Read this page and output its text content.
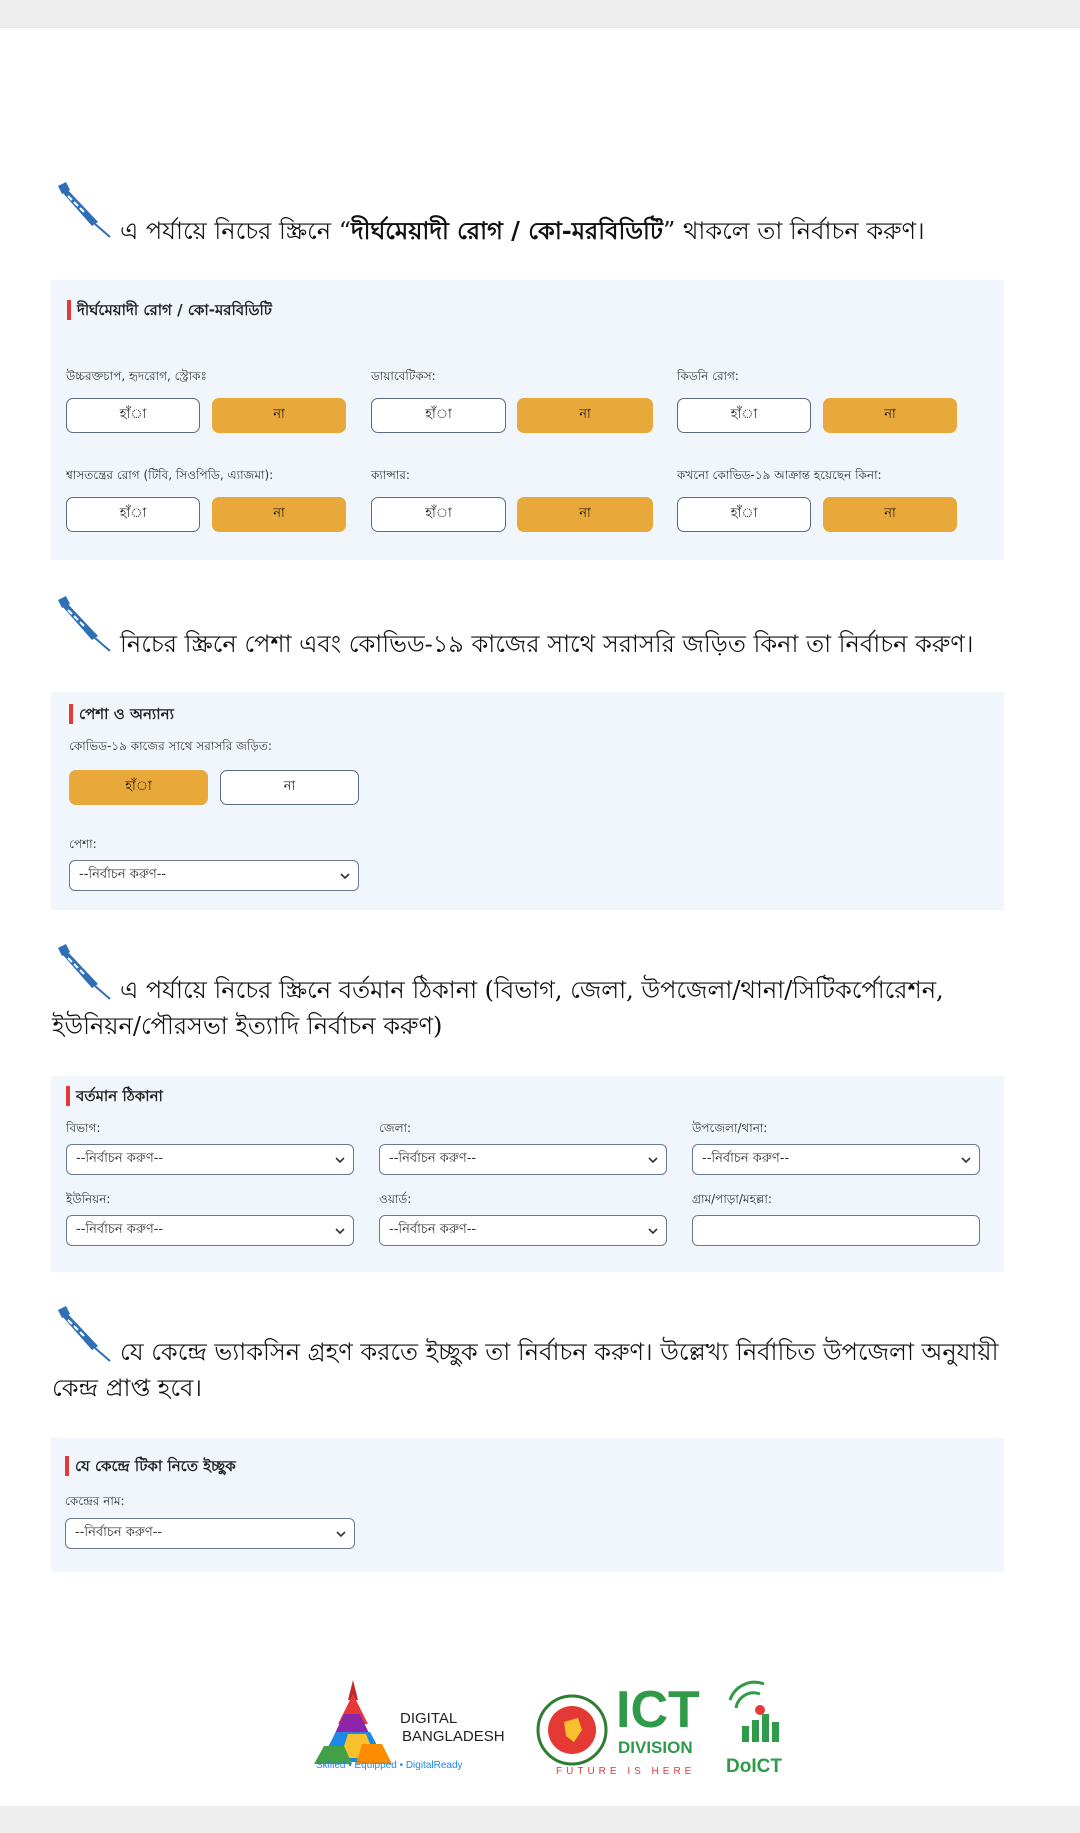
এ পর্যায়ে নিচের স্ক্রিনে “দীর্ঘমেয়াদী রোগ / কো-মরবিডিটি” থাকলে তা নির্বাচন করুণ।
দীর্ঘমেয়াদী রোগ / কো-মরবিডিটি
উচ্চরক্তচাপ, হৃদরোগ, স্ট্রোকঃ
হাঁা	না
ডায়াবেটিকস:
হাঁা	না
কিডনি রোগ:
হাঁা	না
শ্বাসতন্ত্রের রোগ (টিবি, সিওপিডি, এ্যাজমা):
হাঁা	না
ক্যান্সার:
হাঁা	না
কখনো কোভিড-১৯ আক্রান্ত হয়েছেন কিনা:
হাঁা	না
নিচের স্ক্রিনে পেশা এবং কোভিড-১৯ কাজের সাথে সরাসরি জড়িত কিনা তা নির্বাচন করুণ।
পেশা ও অন্যান্য
কোভিড-১৯ কাজের সাথে সরাসরি জড়িত:
হাঁা	না
পেশা:
--নির্বাচন করুণ--
এ পর্যায়ে নিচের স্ক্রিনে বর্তমান ঠিকানা (বিভাগ, জেলা, উপজেলা/থানা/সিটিকর্পোরেশন,
ইউনিয়ন/পৌরসভা ইত্যাদি নির্বাচন করুণ)
বর্তমান ঠিকানা
বিভাগ:
--নির্বাচন করুণ--
জেলা:
--নির্বাচন করুণ--
উপজেলা/থানা:
--নির্বাচন করুণ--
ইউনিয়ন:
--নির্বাচন করুণ--
ওয়ার্ড:
--নির্বাচন করুণ--
গ্রাম/পাড়া/মহল্লা:
যে কেন্দ্রে ভ্যাকসিন গ্রহণ করতে ইচ্ছুক তা নির্বাচন করুণ। উল্লেখ্য নির্বাচিত উপজেলা অনুযায়ী
কেন্দ্র প্রাপ্ত হবে।
যে কেন্দ্রে টিকা নিতে ইচ্ছুক
কেন্দ্রের নাম:
--নির্বাচন করুণ--
DIGITAL
BANGLADESH
Skilled • Equipped • DigitalReady
ICT
DIVISION
FUTURE IS HERE DoICT
